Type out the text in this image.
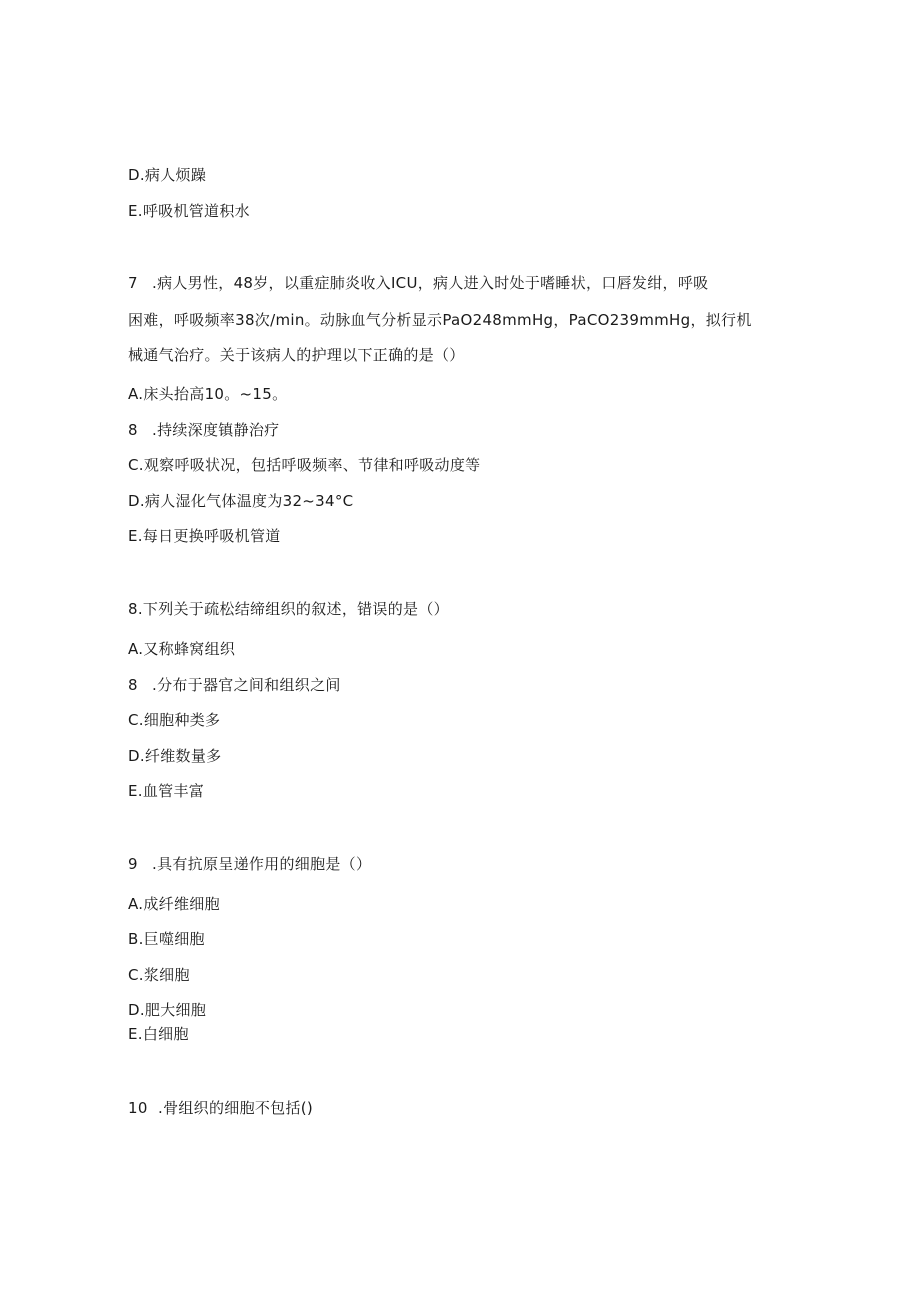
D.病人烦躁
E.呼吸机管道积水
7 .病人男性，48岁，以重症肺炎收入ICU，病人进入时处于嗜睡状，口唇发绀，呼吸
困难，呼吸频率38次/min。动脉血气分析显示PaO248mmHg，PaCO239mmHg，拟行机
械通气治疗。关于该病人的护理以下正确的是（）
A.床头抬高10。~15。
8 .持续深度镇静治疗
C.观察呼吸状况，包括呼吸频率、节律和呼吸动度等
D.病人湿化气体温度为32~34°C
E.每日更换呼吸机管道
8.下列关于疏松结缔组织的叙述，错误的是（）
A.又称蜂窝组织
8 .分布于器官之间和组织之间
C.细胞种类多
D.纤维数量多
E.血管丰富
9 .具有抗原呈递作用的细胞是（）
A.成纤维细胞
B.巨噬细胞
C.浆细胞
D.肥大细胞
E.白细胞
10 .骨组织的细胞不包括()
